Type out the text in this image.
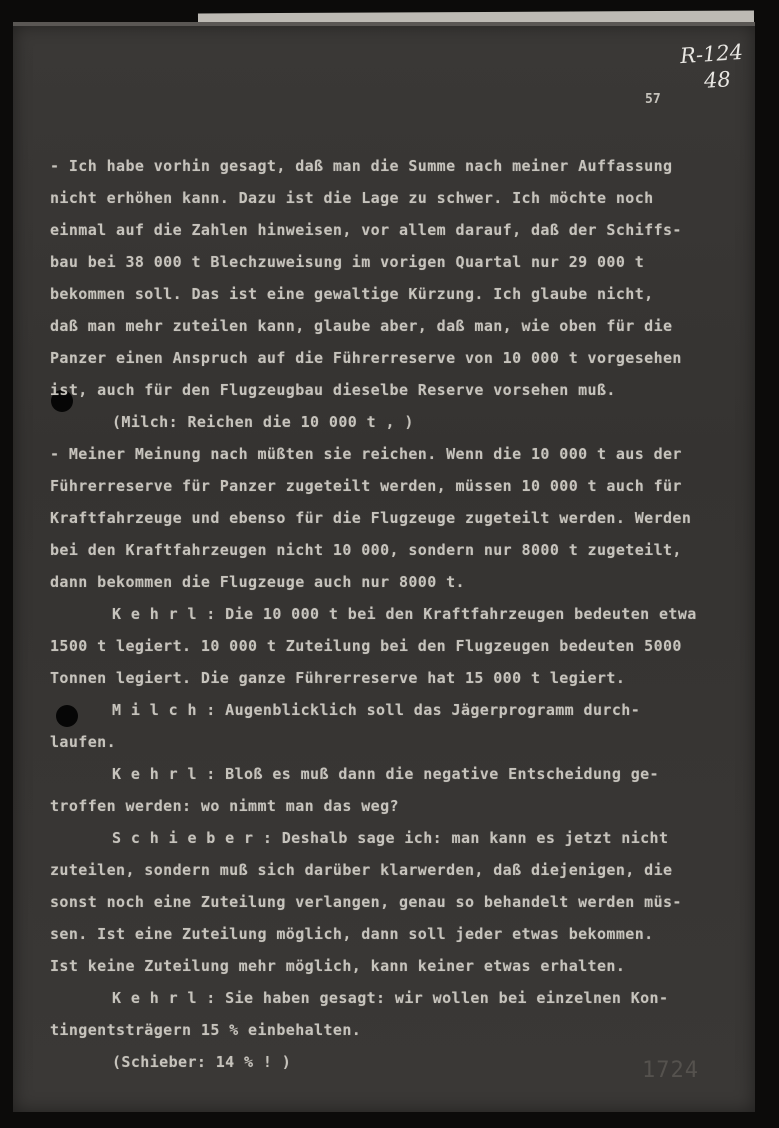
R-124
48
57
- Ich habe vorhin gesagt, daß man die Summe nach meiner Auffassung
nicht erhöhen kann. Dazu ist die Lage zu schwer. Ich möchte noch
einmal auf die Zahlen hinweisen, vor allem darauf, daß der Schiffs-
bau bei 38 000 t Blechzuweisung im vorigen Quartal nur 29 000 t
bekommen soll. Das ist eine gewaltige Kürzung. Ich glaube nicht,
daß man mehr zuteilen kann, glaube aber, daß man, wie oben für die
Panzer einen Anspruch auf die Führerreserve von 10 000 t vorgesehen
ist, auch für den Flugzeugbau dieselbe Reserve vorsehen muß.
(Milch: Reichen die 10 000 t , )
- Meiner Meinung nach müßten sie reichen. Wenn die 10 000 t aus der
Führerreserve für Panzer zugeteilt werden, müssen 10 000 t auch für
Kraftfahrzeuge und ebenso für die Flugzeuge zugeteilt werden. Werden
bei den Kraftfahrzeugen nicht 10 000, sondern nur 8000 t zugeteilt,
dann bekommen die Flugzeuge auch nur 8000 t.
K e h r l : Die 10 000 t bei den Kraftfahrzeugen bedeuten etwa
1500 t legiert. 10 000 t Zuteilung bei den Flugzeugen bedeuten 5000
Tonnen legiert. Die ganze Führerreserve hat 15 000 t legiert.
M i l c h : Augenblicklich soll das Jägerprogramm durch-
laufen.
K e h r l : Bloß es muß dann die negative Entscheidung ge-
troffen werden: wo nimmt man das weg?
S c h i e b e r : Deshalb sage ich: man kann es jetzt nicht
zuteilen, sondern muß sich darüber klarwerden, daß diejenigen, die
sonst noch eine Zuteilung verlangen, genau so behandelt werden müs-
sen. Ist eine Zuteilung möglich, dann soll jeder etwas bekommen.
Ist keine Zuteilung mehr möglich, kann keiner etwas erhalten.
K e h r l : Sie haben gesagt: wir wollen bei einzelnen Kon-
tingentsträgern 15 % einbehalten.
(Schieber: 14 % ! )	1724
